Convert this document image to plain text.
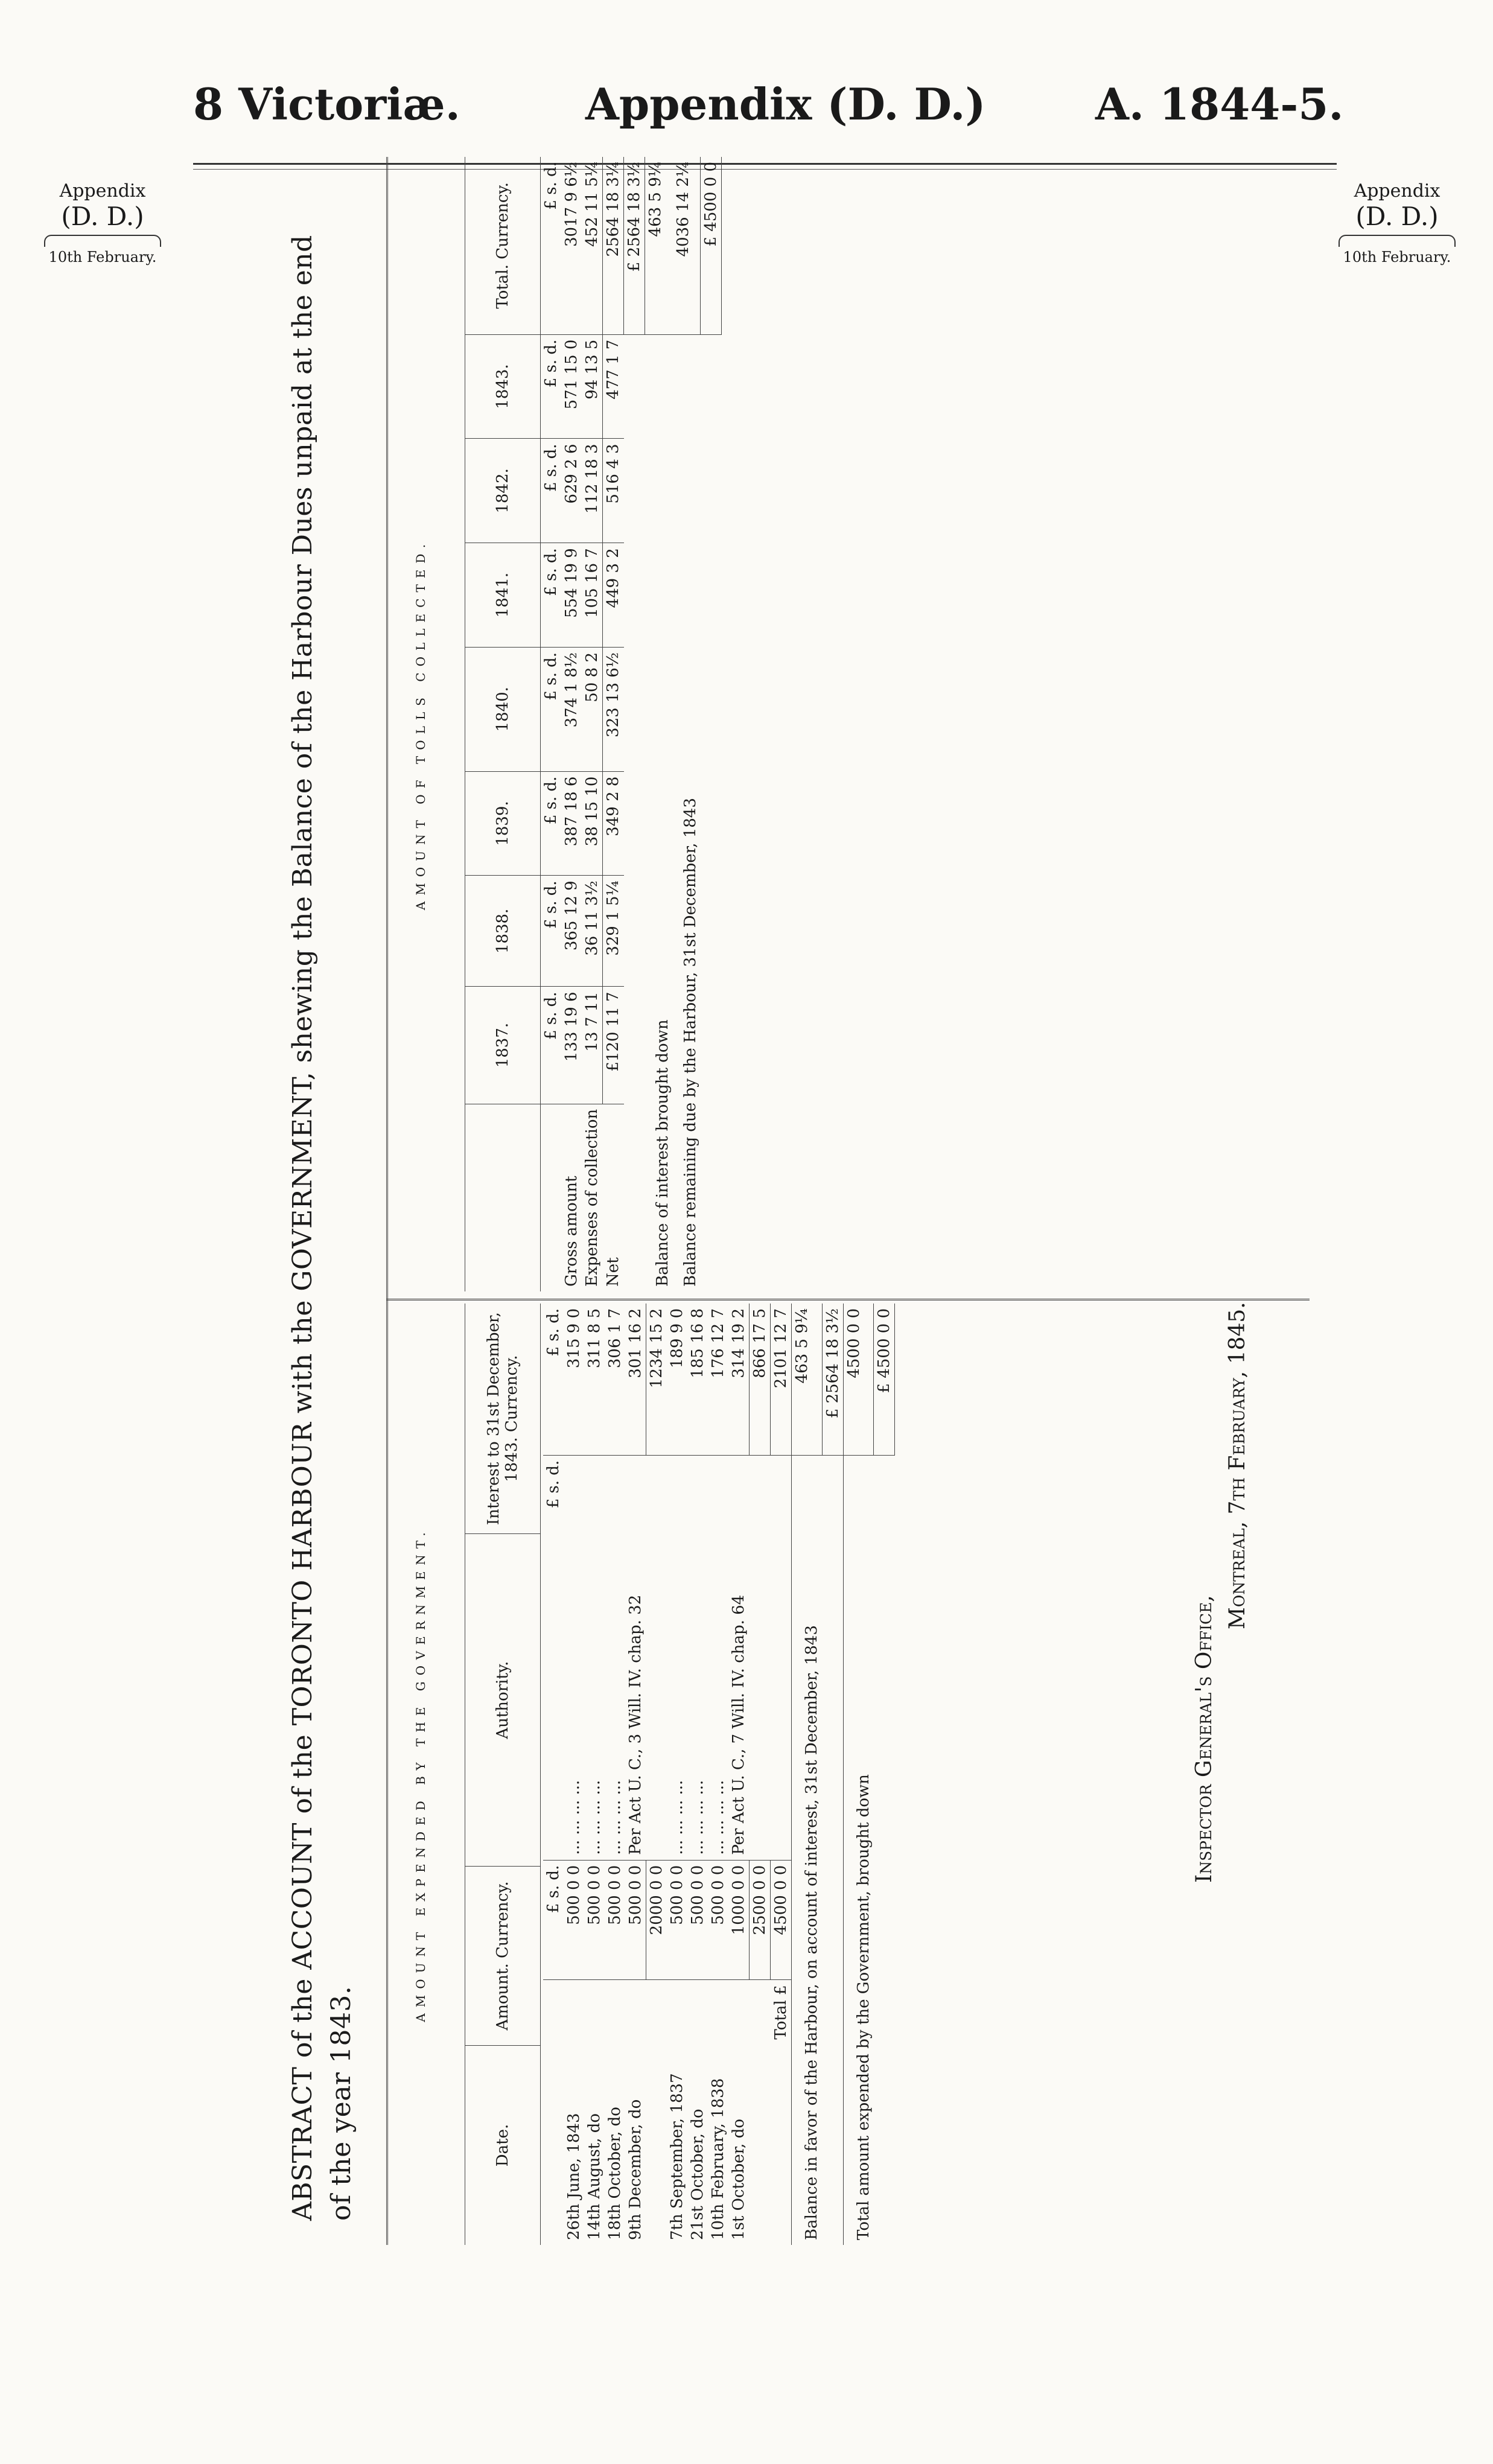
8 Victoriæ.	Appendix (D. D.)	A. 1844-5.
Appendix
(D. D.)
10th February.
Appendix
(D. D.)
10th February.
ABSTRACT of the ACCOUNT of the TORONTO HARBOUR with the GOVERNMENT, shewing the Balance of the Harbour Dues unpaid at the end of the year 1843.
AMOUNT EXPENDED BY THE GOVERNMENT.
Date.	Amount. Currency.	Authority.	Interest to 31st December, 1843. Currency.
	£ s. d.	£ s. d.	£ s. d.
26th June, 1843	500 0 0	... ... ... ...	315 9 0
14th August, do	500 0 0	... ... ... ...	311 8 5
18th October, do	500 0 0	... ... ... ...	306 1 7
9th December, do	500 0 0	Per Act U. C., 3 Will. IV. chap. 32	301 16 2
	2000 0 0		1234 15 2
7th September, 1837	500 0 0	... ... ... ...	189 9 0
21st October, do	500 0 0	... ... ... ...	185 16 8
10th February, 1838	500 0 0	... ... ... ...	176 12 7
1st October, do	1000 0 0	Per Act U. C., 7 Will. IV. chap. 64	314 19 2
	2500 0 0		866 17 5
Total £	4500 0 0		2101 12 7
Balance in favor of the Harbour, on account of interest, 31st December, 1843			463 5 9¼
			£ 2564 18 3½
Total amount expended by the Government, brought down			4500 0 0
			£ 4500 0 0
AMOUNT OF TOLLS COLLECTED.
	1837.	1838.	1839.	1840.	1841.	1842.	1843.	Total. Currency.
	£ s. d.	£ s. d.	£ s. d.	£ s. d.	£ s. d.	£ s. d.	£ s. d.	£ s. d.
Gross amount	133 19 6	365 12 9	387 18 6	374 1 8½	554 19 9	629 2 6	571 15 0	3017 9 6½
Expenses of collection	13 7 11	36 11 3½	38 15 10	50 8 2	105 16 7	112 18 3	94 13 5	452 11 5¼
Net	£120 11 7	329 1 5¼	349 2 8	323 13 6½	449 3 2	516 4 3	477 1 7	2564 18 3¼
								£ 2564 18 3½
Balance of interest brought down								463 5 9¼
Balance remaining due by the Harbour, 31st December, 1843								4036 14 2¼
								£ 4500 0 0
Inspector General's Office,
Montreal, 7th February, 1845.
